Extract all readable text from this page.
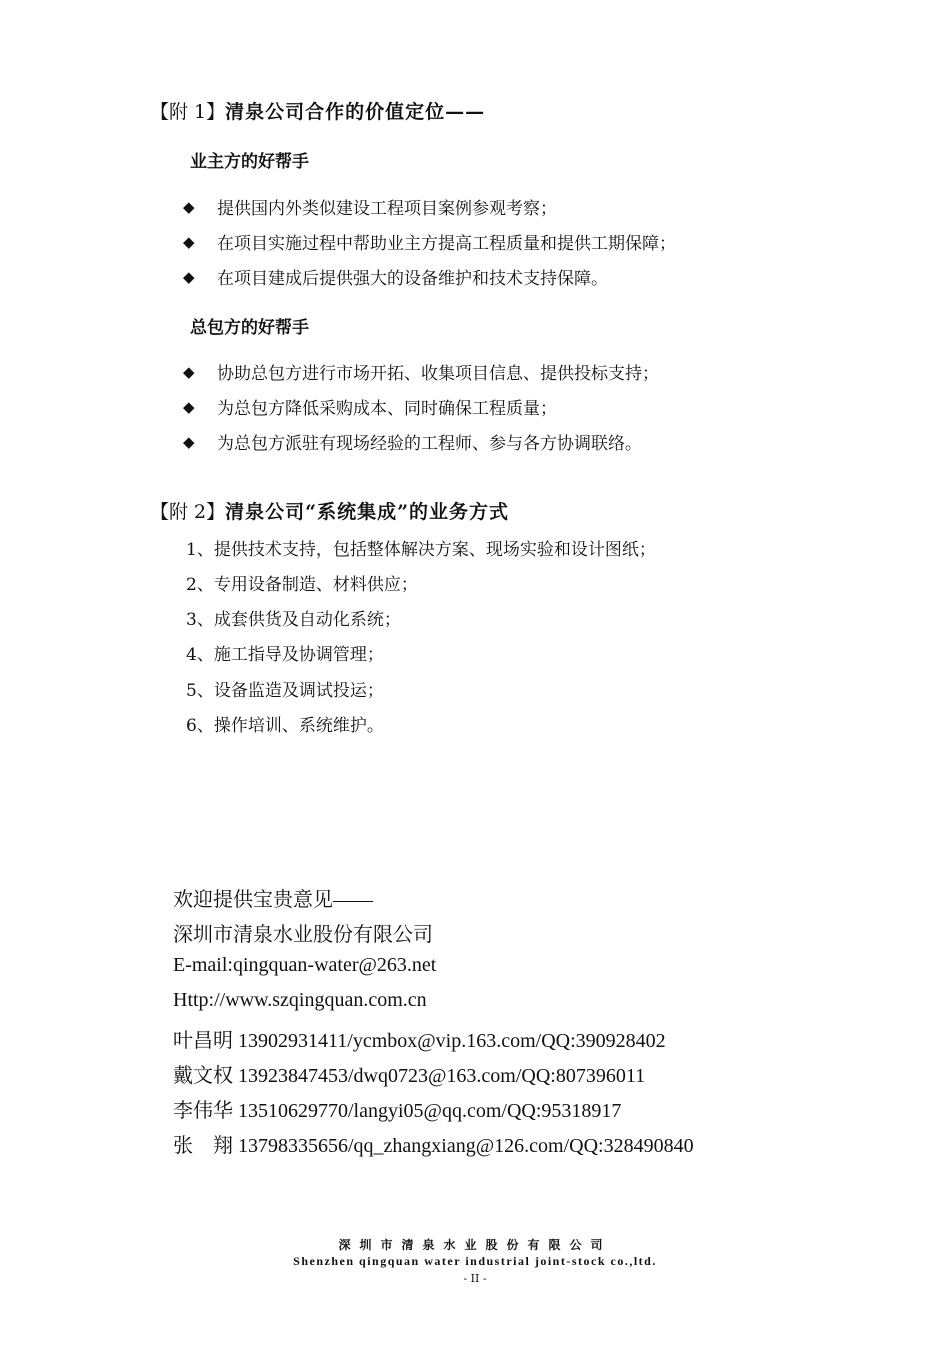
【附 1】清泉公司合作的价值定位——
业主方的好帮手
◆	提供国内外类似建设工程项目案例参观考察；
◆	在项目实施过程中帮助业主方提高工程质量和提供工期保障；
◆	在项目建成后提供强大的设备维护和技术支持保障。
总包方的好帮手
◆	协助总包方进行市场开拓、收集项目信息、提供投标支持；
◆	为总包方降低采购成本、同时确保工程质量；
◆	为总包方派驻有现场经验的工程师、参与各方协调联络。
【附 2】清泉公司“系统集成”的业务方式
1、提供技术支持，包括整体解决方案、现场实验和设计图纸；
2、专用设备制造、材料供应；
3、成套供货及自动化系统；
4、施工指导及协调管理；
5、设备监造及调试投运；
6、操作培训、系统维护。
欢迎提供宝贵意见——
深圳市清泉水业股份有限公司
E-mail:qingquan-water@263.net
Http://www.szqingquan.com.cn
叶昌明 13902931411/ycmbox@vip.163.com/QQ:390928402
戴文权 13923847453/dwq0723@163.com/QQ:807396011
李伟华 13510629770/langyi05@qq.com/QQ:95318917
张　翔 13798335656/qq_zhangxiang@126.com/QQ:328490840
深圳市清泉水业股份有限公司
Shenzhen qingquan water industrial joint-stock co.,ltd.
- II -
